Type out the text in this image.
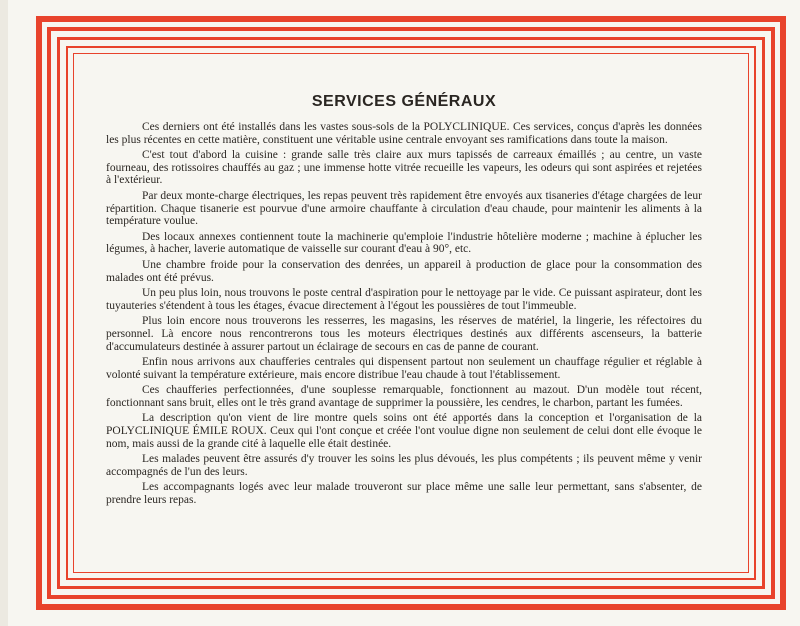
SERVICES GÉNÉRAUX

Ces derniers ont été installés dans les vastes sous-sols de la POLYCLINIQUE. Ces services, conçus d'après les données les plus récentes en cette matière, constituent une véritable usine centrale envoyant ses ramifications dans toute la maison.

C'est tout d'abord la cuisine : grande salle très claire aux murs tapissés de carreaux émaillés ; au centre, un vaste fourneau, des rotissoires chauffés au gaz ; une immense hotte vitrée recueille les vapeurs, les odeurs qui sont aspirées et rejetées à l'extérieur.

Par deux monte-charge électriques, les repas peuvent très rapidement être envoyés aux tisaneries d'étage chargées de leur répartition. Chaque tisanerie est pourvue d'une armoire chauffante à circulation d'eau chaude, pour maintenir les aliments à la température voulue.

Des locaux annexes contiennent toute la machinerie qu'emploie l'industrie hôtelière moderne ; machine à éplucher les légumes, à hacher, laverie automatique de vaisselle sur courant d'eau à 90°, etc.

Une chambre froide pour la conservation des denrées, un appareil à production de glace pour la consommation des malades ont été prévus.

Un peu plus loin, nous trouvons le poste central d'aspiration pour le nettoyage par le vide. Ce puissant aspirateur, dont les tuyauteries s'étendent à tous les étages, évacue directement à l'égout les poussières de tout l'immeuble.

Plus loin encore nous trouverons les resserres, les magasins, les réserves de matériel, la lingerie, les réfectoires du personnel. Là encore nous rencontrerons tous les moteurs électriques destinés aux différents ascenseurs, la batterie d'accumulateurs destinée à assurer partout un éclairage de secours en cas de panne de courant.

Enfin nous arrivons aux chaufferies centrales qui dispensent partout non seulement un chauffage régulier et réglable à volonté suivant la température extérieure, mais encore distribue l'eau chaude à tout l'établissement.

Ces chaufferies perfectionnées, d'une souplesse remarquable, fonctionnent au mazout. D'un modèle tout récent, fonctionnant sans bruit, elles ont le très grand avantage de supprimer la poussière, les cendres, le charbon, partant les fumées.

La description qu'on vient de lire montre quels soins ont été apportés dans la conception et l'organisation de la POLYCLINIQUE ÉMILE ROUX. Ceux qui l'ont conçue et créée l'ont voulue digne non seulement de celui dont elle évoque le nom, mais aussi de la grande cité à laquelle elle était destinée.

Les malades peuvent être assurés d'y trouver les soins les plus dévoués, les plus compétents ; ils peuvent même y venir accompagnés de l'un des leurs.

Les accompagnants logés avec leur malade trouveront sur place même une salle leur permettant, sans s'absenter, de prendre leurs repas.
